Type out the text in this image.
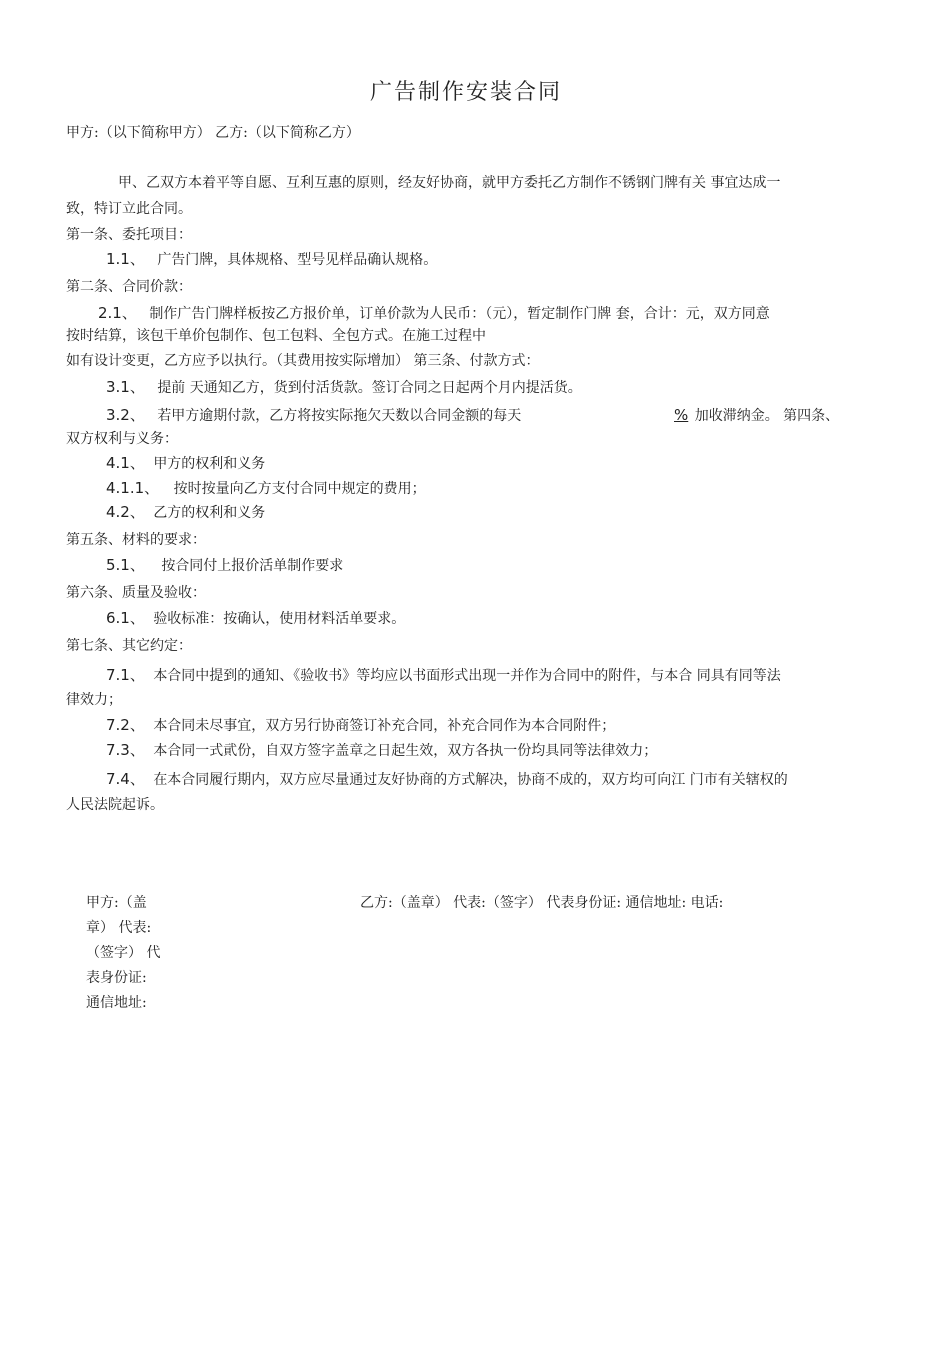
广告制作安装合同
甲方:（以下简称甲方） 乙方:（以下简称乙方）
甲、乙双方本着平等自愿、互利互惠的原则，经友好协商，就甲方委托乙方制作不锈钢门牌有关 事宜达成一
致，特订立此合同。
第一条、委托项目：
1.1、 广告门牌，具体规格、型号见样品确认规格。
第二条、合同价款：
2.1、 制作广告门牌样板按乙方报价单，订单价款为人民币：（元），暂定制作门牌 套，合计：元，双方同意
按时结算，该包干单价包制作、包工包料、全包方式。在施工过程中
如有设计变更，乙方应予以执行。（其费用按实际增加） 第三条、付款方式：
3.1、 提前 天通知乙方，货到付活货款。签订合同之日起两个月内提活货。
3.2、 若甲方逾期付款，乙方将按实际拖欠天数以合同金额的每天	% 加收滞纳金。 第四条、
双方权利与义务：
4.1、 甲方的权利和义务
4.1.1、 按时按量向乙方支付合同中规定的费用；
4.2、 乙方的权利和义务
第五条、材料的要求：
5.1、 按合同付上报价活单制作要求
第六条、质量及验收：
6.1、 验收标准：按确认，使用材料活单要求。
第七条、其它约定：
7.1、 本合同中提到的通知、《验收书》等均应以书面形式出现一并作为合同中的附件，与本合 同具有同等法
律效力；
7.2、 本合同未尽事宜，双方另行协商签订补充合同，补充合同作为本合同附件；
7.3、 本合同一式貮份，自双方签字盖章之日起生效，双方各执一份均具同等法律效力；
7.4、 在本合同履行期内，双方应尽量通过友好协商的方式解决，协商不成的，双方均可向江 门市有关辖权的
人民法院起诉。
甲方:（盖
章） 代表:
（签字） 代
表身份证:
通信地址:
乙方:（盖章） 代表:（签字） 代表身份证: 通信地址: 电话:
